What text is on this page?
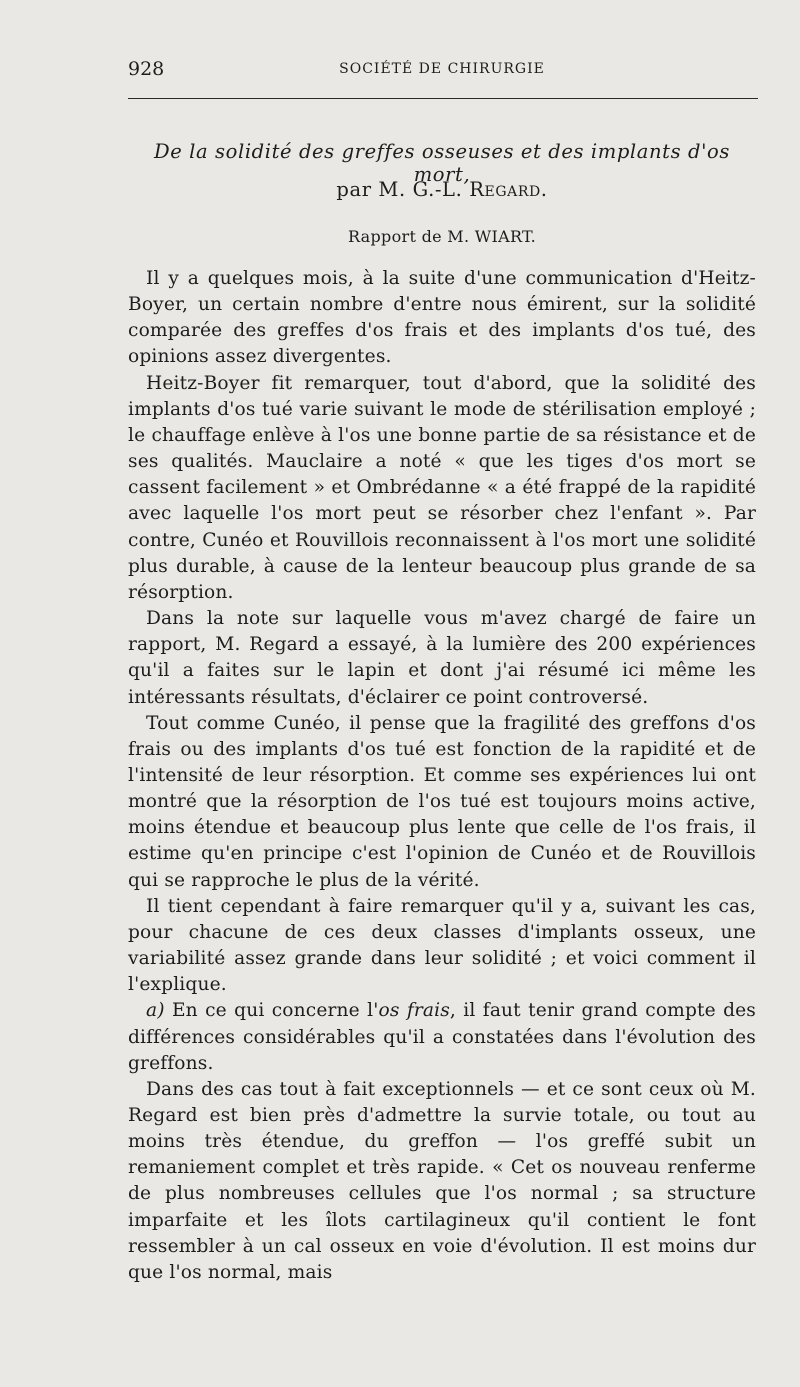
928	SOCIÉTÉ DE CHIRURGIE
De la solidité des greffes osseuses et des implants d'os mort,
par M. G.-L. Regard.
Rapport de M. WIART.

Il y a quelques mois, à la suite d'une communication d'Heitz-Boyer, un certain nombre d'entre nous émirent, sur la solidité comparée des greffes d'os frais et des implants d'os tué, des opinions assez divergentes.

Heitz-Boyer fit remarquer, tout d'abord, que la solidité des implants d'os tué varie suivant le mode de stérilisation employé ; le chauffage enlève à l'os une bonne partie de sa résistance et de ses qualités. Mauclaire a noté « que les tiges d'os mort se cassent facilement » et Ombrédanne « a été frappé de la rapidité avec laquelle l'os mort peut se résorber chez l'enfant ». Par contre, Cunéo et Rouvillois reconnaissent à l'os mort une solidité plus durable, à cause de la lenteur beaucoup plus grande de sa résorption.

Dans la note sur laquelle vous m'avez chargé de faire un rapport, M. Regard a essayé, à la lumière des 200 expériences qu'il a faites sur le lapin et dont j'ai résumé ici même les intéressants résultats, d'éclairer ce point controversé.

Tout comme Cunéo, il pense que la fragilité des greffons d'os frais ou des implants d'os tué est fonction de la rapidité et de l'intensité de leur résorption. Et comme ses expériences lui ont montré que la résorption de l'os tué est toujours moins active, moins étendue et beaucoup plus lente que celle de l'os frais, il estime qu'en principe c'est l'opinion de Cunéo et de Rouvillois qui se rapproche le plus de la vérité.

Il tient cependant à faire remarquer qu'il y a, suivant les cas, pour chacune de ces deux classes d'implants osseux, une variabilité assez grande dans leur solidité ; et voici comment il l'explique.

a) En ce qui concerne l'os frais, il faut tenir grand compte des différences considérables qu'il a constatées dans l'évolution des greffons.

Dans des cas tout à fait exceptionnels — et ce sont ceux où M. Regard est bien près d'admettre la survie totale, ou tout au moins très étendue, du greffon — l'os greffé subit un remaniement complet et très rapide. « Cet os nouveau renferme de plus nombreuses cellules que l'os normal ; sa structure imparfaite et les îlots cartilagineux qu'il contient le font ressembler à un cal osseux en voie d'évolution. Il est moins dur que l'os normal, mais
